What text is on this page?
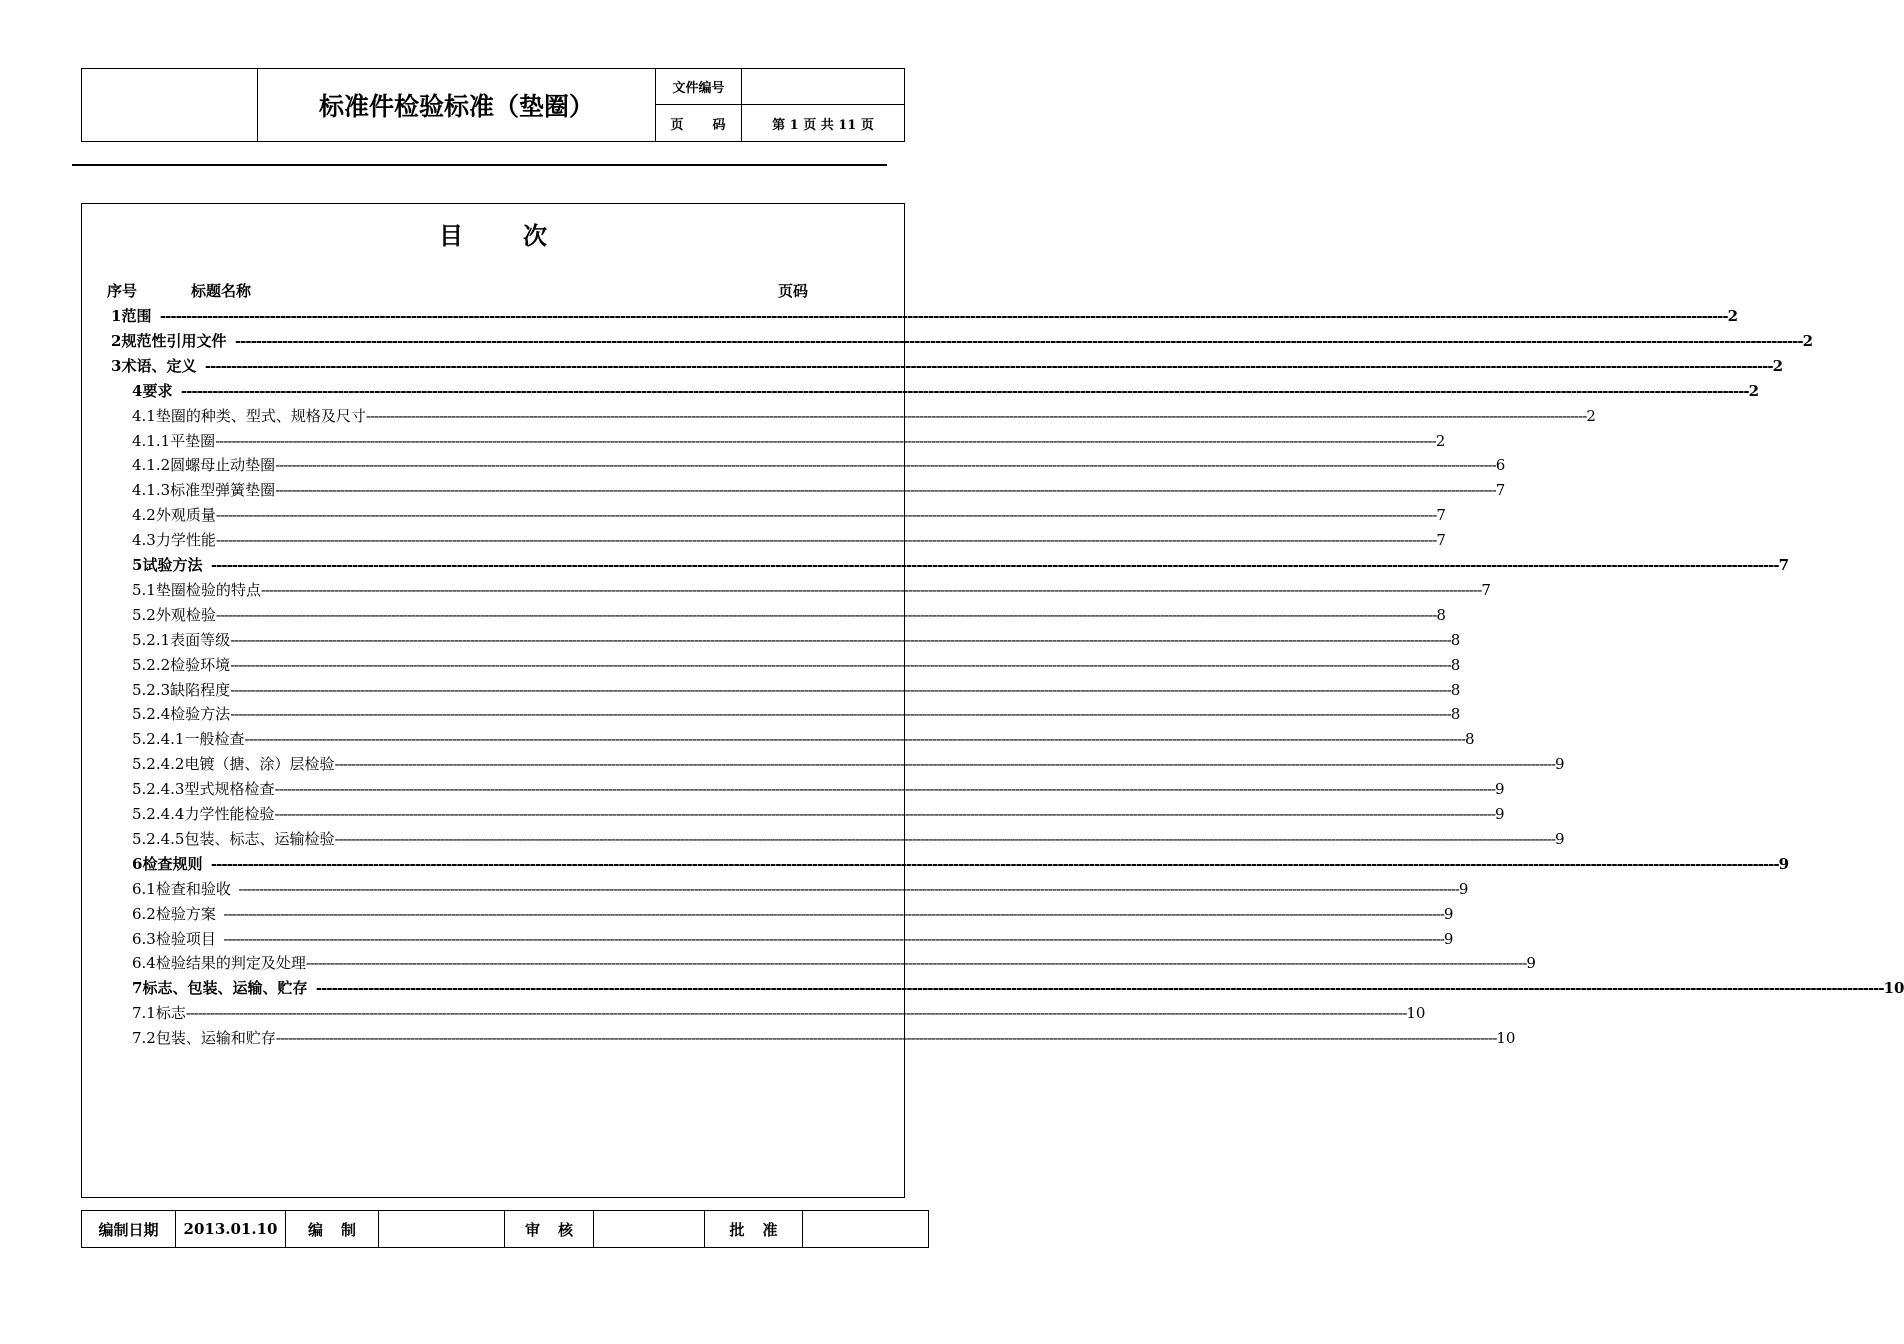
标准件检验标准（垫圈）
文件编号
页　　码	第 1 页 共 11 页
目	次
序号	标题名称	页码
1 范围 ------------------------------------------------------------------------------------------------------------------------------------------------------------------------------------------------------------------------------------------------------------------------------------------------------------ 2
2 规范性引用文件 ------------------------------------------------------------------------------------------------------------------------------------------------------------------------------------------------------------------------------------------------------------------------------------------------------------ 2
3 术语、定义 ------------------------------------------------------------------------------------------------------------------------------------------------------------------------------------------------------------------------------------------------------------------------------------------------------------ 2
4 要求 ------------------------------------------------------------------------------------------------------------------------------------------------------------------------------------------------------------------------------------------------------------------------------------------------------------ 2
4.1 垫圈的种类、型式、规格及尺寸 ------------------------------------------------------------------------------------------------------------------------------------------------------------------------------------------------------------------------------------------------------------------------------------------------------------ 2
4.1.1 平垫圈 ------------------------------------------------------------------------------------------------------------------------------------------------------------------------------------------------------------------------------------------------------------------------------------------------------------ 2
4.1.2 圆螺母止动垫圈 ------------------------------------------------------------------------------------------------------------------------------------------------------------------------------------------------------------------------------------------------------------------------------------------------------------ 6
4.1.3 标准型弹簧垫圈 ------------------------------------------------------------------------------------------------------------------------------------------------------------------------------------------------------------------------------------------------------------------------------------------------------------ 7
4.2 外观质量 ------------------------------------------------------------------------------------------------------------------------------------------------------------------------------------------------------------------------------------------------------------------------------------------------------------ 7
4.3 力学性能 ------------------------------------------------------------------------------------------------------------------------------------------------------------------------------------------------------------------------------------------------------------------------------------------------------------ 7
5 试验方法 ------------------------------------------------------------------------------------------------------------------------------------------------------------------------------------------------------------------------------------------------------------------------------------------------------------ 7
5.1 垫圈检验的特点 ------------------------------------------------------------------------------------------------------------------------------------------------------------------------------------------------------------------------------------------------------------------------------------------------------------ 7
5.2 外观检验 ------------------------------------------------------------------------------------------------------------------------------------------------------------------------------------------------------------------------------------------------------------------------------------------------------------ 8
5.2.1 表面等级 ------------------------------------------------------------------------------------------------------------------------------------------------------------------------------------------------------------------------------------------------------------------------------------------------------------ 8
5.2.2 检验环境 ------------------------------------------------------------------------------------------------------------------------------------------------------------------------------------------------------------------------------------------------------------------------------------------------------------ 8
5.2.3 缺陷程度 ------------------------------------------------------------------------------------------------------------------------------------------------------------------------------------------------------------------------------------------------------------------------------------------------------------ 8
5.2.4 检验方法 ------------------------------------------------------------------------------------------------------------------------------------------------------------------------------------------------------------------------------------------------------------------------------------------------------------ 8
5.2.4.1 一般检查 ------------------------------------------------------------------------------------------------------------------------------------------------------------------------------------------------------------------------------------------------------------------------------------------------------------ 8
5.2.4.2 电镀（搪、涂）层检验 ------------------------------------------------------------------------------------------------------------------------------------------------------------------------------------------------------------------------------------------------------------------------------------------------------------ 9
5.2.4.3 型式规格检查 ------------------------------------------------------------------------------------------------------------------------------------------------------------------------------------------------------------------------------------------------------------------------------------------------------------ 9
5.2.4.4 力学性能检验 ------------------------------------------------------------------------------------------------------------------------------------------------------------------------------------------------------------------------------------------------------------------------------------------------------------ 9
5.2.4.5 包装、标志、运输检验 ------------------------------------------------------------------------------------------------------------------------------------------------------------------------------------------------------------------------------------------------------------------------------------------------------------ 9
6 检查规则 ------------------------------------------------------------------------------------------------------------------------------------------------------------------------------------------------------------------------------------------------------------------------------------------------------------ 9
6.1 检查和验收 ------------------------------------------------------------------------------------------------------------------------------------------------------------------------------------------------------------------------------------------------------------------------------------------------------------ 9
6.2 检验方案 ------------------------------------------------------------------------------------------------------------------------------------------------------------------------------------------------------------------------------------------------------------------------------------------------------------ 9
6.3 检验项目 ------------------------------------------------------------------------------------------------------------------------------------------------------------------------------------------------------------------------------------------------------------------------------------------------------------ 9
6.4 检验结果的判定及处理 ------------------------------------------------------------------------------------------------------------------------------------------------------------------------------------------------------------------------------------------------------------------------------------------------------------ 9
7 标志、包装、运输、贮存 ------------------------------------------------------------------------------------------------------------------------------------------------------------------------------------------------------------------------------------------------------------------------------------------------------------ 10
7.1 标志 ------------------------------------------------------------------------------------------------------------------------------------------------------------------------------------------------------------------------------------------------------------------------------------------------------------ 10
7.2 包装、运输和贮存 ------------------------------------------------------------------------------------------------------------------------------------------------------------------------------------------------------------------------------------------------------------------------------------------------------------ 10
编制日期	2013.01.10	编制	审核	批准
